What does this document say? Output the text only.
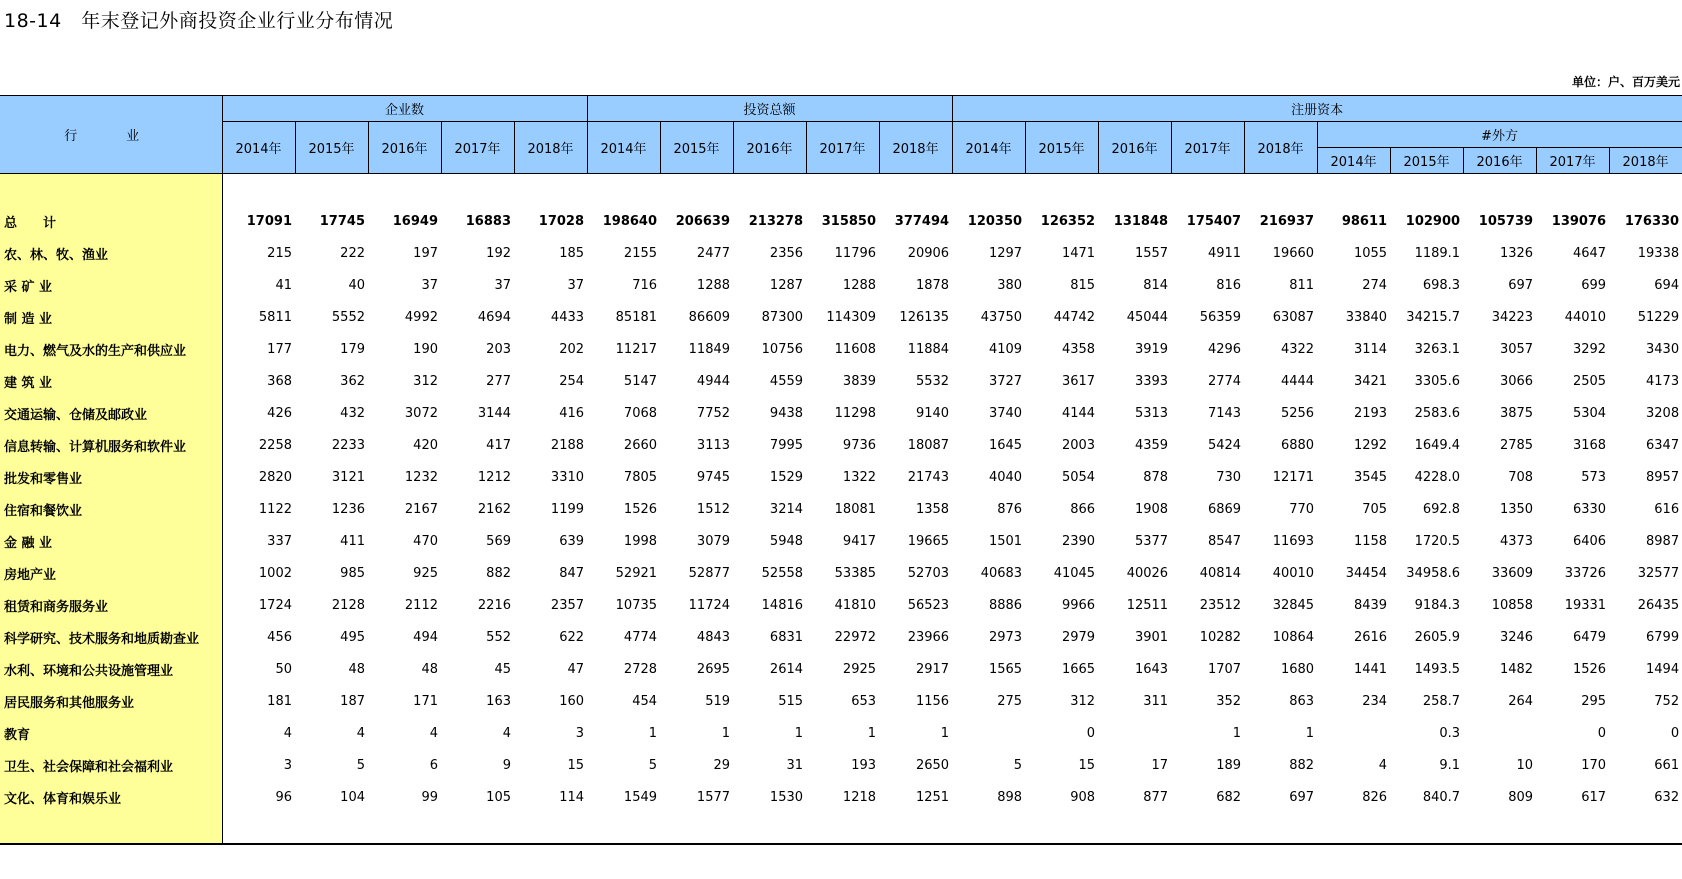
18-14　年末登记外商投资企业行业分布情况
单位：户、百万美元
行　业	企业数					投资总额					注册资本									
	2014年	2015年	2016年	2017年	2018年	2014年	2015年	2016年	2017年	2018年	2014年	2015年	2016年	2017年	2018年	#外方				
																2014年	2015年	2016年	2017年	2018年

总　　计	17091	17745	16949	16883	17028	198640	206639	213278	315850	377494	120350	126352	131848	175407	216937	98611	102900	105739	139076	176330
农、林、牧、渔业	215	222	197	192	185	2155	2477	2356	11796	20906	1297	1471	1557	4911	19660	1055	1189.1	1326	4647	19338
采 矿 业	41	40	37	37	37	716	1288	1287	1288	1878	380	815	814	816	811	274	698.3	697	699	694
制 造 业	5811	5552	4992	4694	4433	85181	86609	87300	114309	126135	43750	44742	45044	56359	63087	33840	34215.7	34223	44010	51229
电力、燃气及水的生产和供应业	177	179	190	203	202	11217	11849	10756	11608	11884	4109	4358	3919	4296	4322	3114	3263.1	3057	3292	3430
建 筑 业	368	362	312	277	254	5147	4944	4559	3839	5532	3727	3617	3393	2774	4444	3421	3305.6	3066	2505	4173
交通运输、仓储及邮政业	426	432	3072	3144	416	7068	7752	9438	11298	9140	3740	4144	5313	7143	5256	2193	2583.6	3875	5304	3208
信息转输、计算机服务和软件业	2258	2233	420	417	2188	2660	3113	7995	9736	18087	1645	2003	4359	5424	6880	1292	1649.4	2785	3168	6347
批发和零售业	2820	3121	1232	1212	3310	7805	9745	1529	1322	21743	4040	5054	878	730	12171	3545	4228.0	708	573	8957
住宿和餐饮业	1122	1236	2167	2162	1199	1526	1512	3214	18081	1358	876	866	1908	6869	770	705	692.8	1350	6330	616
金 融 业	337	411	470	569	639	1998	3079	5948	9417	19665	1501	2390	5377	8547	11693	1158	1720.5	4373	6406	8987
房地产业	1002	985	925	882	847	52921	52877	52558	53385	52703	40683	41045	40026	40814	40010	34454	34958.6	33609	33726	32577
租赁和商务服务业	1724	2128	2112	2216	2357	10735	11724	14816	41810	56523	8886	9966	12511	23512	32845	8439	9184.3	10858	19331	26435
科学研究、技术服务和地质勘查业	456	495	494	552	622	4774	4843	6831	22972	23966	2973	2979	3901	10282	10864	2616	2605.9	3246	6479	6799
水利、环境和公共设施管理业	50	48	48	45	47	2728	2695	2614	2925	2917	1565	1665	1643	1707	1680	1441	1493.5	1482	1526	1494
居民服务和其他服务业	181	187	171	163	160	454	519	515	653	1156	275	312	311	352	863	234	258.7	264	295	752
教育	4	4	4	4	3	1	1	1	1	1		0		1	1		0.3		0	0
卫生、社会保障和社会福利业	3	5	6	9	15	5	29	31	193	2650	5	15	17	189	882	4	9.1	10	170	661
文化、体育和娱乐业	96	104	99	105	114	1549	1577	1530	1218	1251	898	908	877	682	697	826	840.7	809	617	632
